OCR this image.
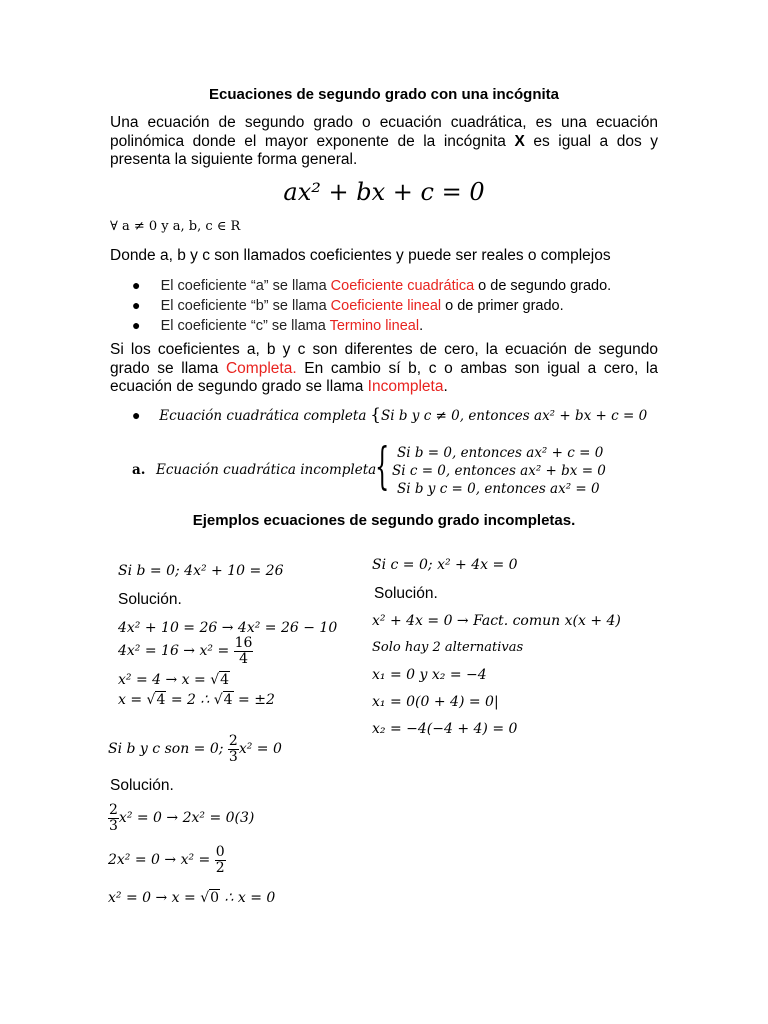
Ecuaciones de segundo grado con una incógnita
Una ecuación de segundo grado o ecuación cuadrática, es una ecuación polinómica donde el mayor exponente de la incógnita X es igual a dos y presenta la siguiente forma general.
ax² + bx + c = 0
∀ a ≠ 0 y a, b, c ∈ R
Donde a, b y c son llamados coeficientes y puede ser reales o complejos
● El coeficiente “a” se llama Coeficiente cuadrática o de segundo grado.
● El coeficiente “b” se llama Coeficiente lineal o de primer grado.
● El coeficiente “c” se llama Termino lineal.
Si los coeficientes a, b y c son diferentes de cero, la ecuación de segundo grado se llama Completa. En cambio sí b, c o ambas son igual a cero, la ecuación de segundo grado se llama Incompleta.
● Ecuación cuadrática completa {Si b y c ≠ 0, entonces ax² + bx + c = 0
a. Ecuación cuadrática incompleta
{ Si b = 0, entonces ax² + c = 0
Si c = 0, entonces ax² + bx = 0
Si b y c = 0, entonces ax² = 0
Ejemplos ecuaciones de segundo grado incompletas.
Si b = 0; 4x² + 10 = 26
Solución.
4x² + 10 = 26 → 4x² = 26 − 10
$4x^2 = 16 \to x^2 = \frac{16}{4}$
x² = 4 → x = √4
x = √4 = 2 ∴ √4 = ±2
Si c = 0; x² + 4x = 0
Solución.
x² + 4x = 0 → Fact. comun x(x + 4)
Solo hay 2 alternativas
x₁ = 0 y x₂ = −4
x₁ = 0(0 + 4) = 0|
x₂ = −4(−4 + 4) = 0
Si b y c son = 0; $\frac{2}{3} x^2 = 0$
Solución.
$\frac{2}{3} x^2 = 0 \to 2x^2 = 0(3)$
$2x^2 = 0 \to x^2 = \frac{0}{2}$
x² = 0 → x = √0 ∴ x = 0
